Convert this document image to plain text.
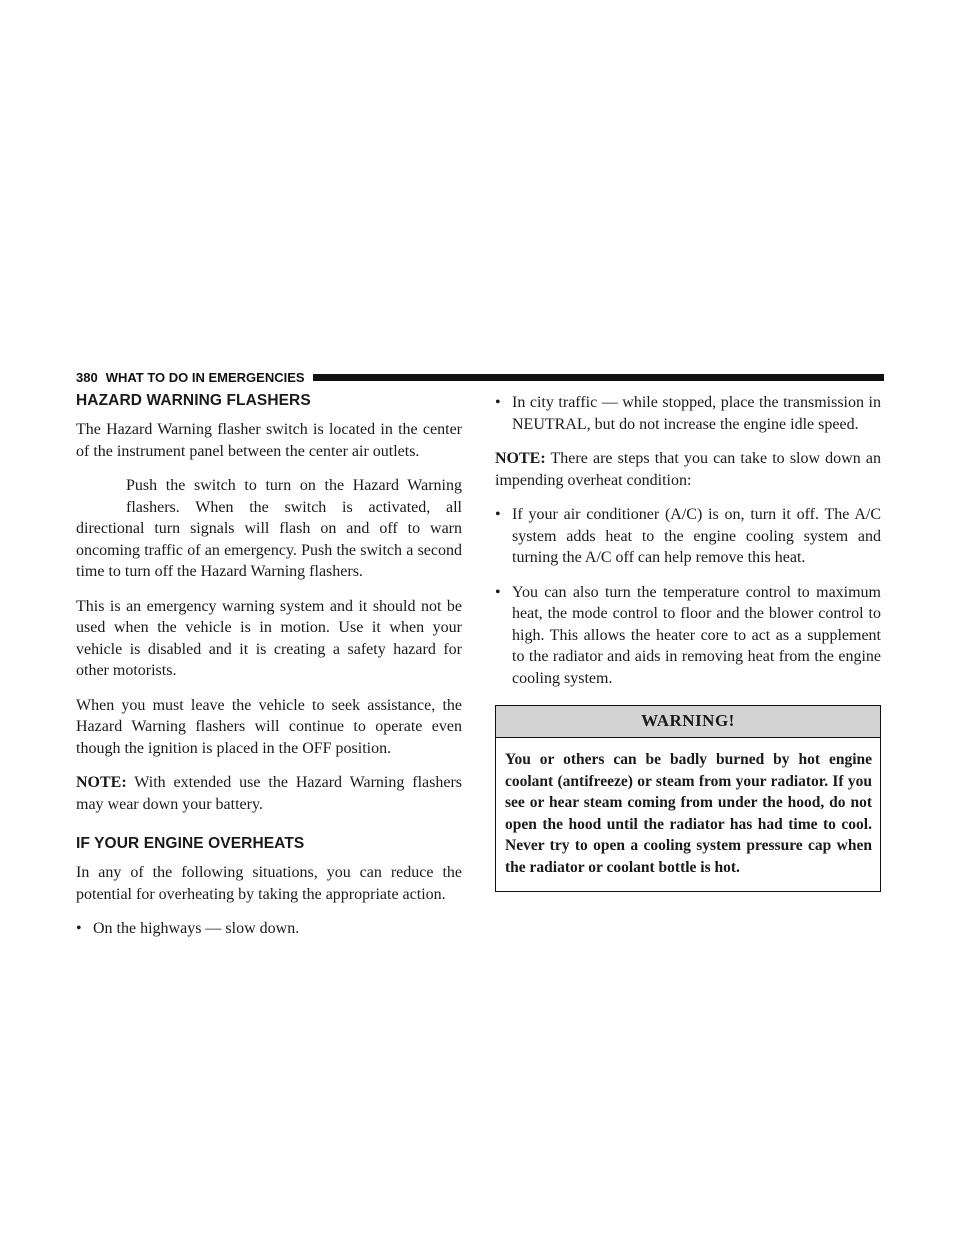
380 WHAT TO DO IN EMERGENCIES
HAZARD WARNING FLASHERS

The Hazard Warning flasher switch is located in the center of the instrument panel between the center air outlets.

Push the switch to turn on the Hazard Warning flashers. When the switch is activated, all directional turn signals will flash on and off to warn oncoming traffic of an emergency. Push the switch a second time to turn off the Hazard Warning flashers.

This is an emergency warning system and it should not be used when the vehicle is in motion. Use it when your vehicle is disabled and it is creating a safety hazard for other motorists.

When you must leave the vehicle to seek assistance, the Hazard Warning flashers will continue to operate even though the ignition is placed in the OFF position.

NOTE: With extended use the Hazard Warning flashers may wear down your battery.

IF YOUR ENGINE OVERHEATS

In any of the following situations, you can reduce the potential for overheating by taking the appropriate action.

• On the highways — slow down.
• In city traffic — while stopped, place the transmission in NEUTRAL, but do not increase the engine idle speed.

NOTE: There are steps that you can take to slow down an impending overheat condition:

• If your air conditioner (A/C) is on, turn it off. The A/C system adds heat to the engine cooling system and turning the A/C off can help remove this heat.
• You can also turn the temperature control to maximum heat, the mode control to floor and the blower control to high. This allows the heater core to act as a supplement to the radiator and aids in removing heat from the engine cooling system.
WARNING!
You or others can be badly burned by hot engine coolant (antifreeze) or steam from your radiator. If you see or hear steam coming from under the hood, do not open the hood until the radiator has had time to cool. Never try to open a cooling system pressure cap when the radiator or coolant bottle is hot.
